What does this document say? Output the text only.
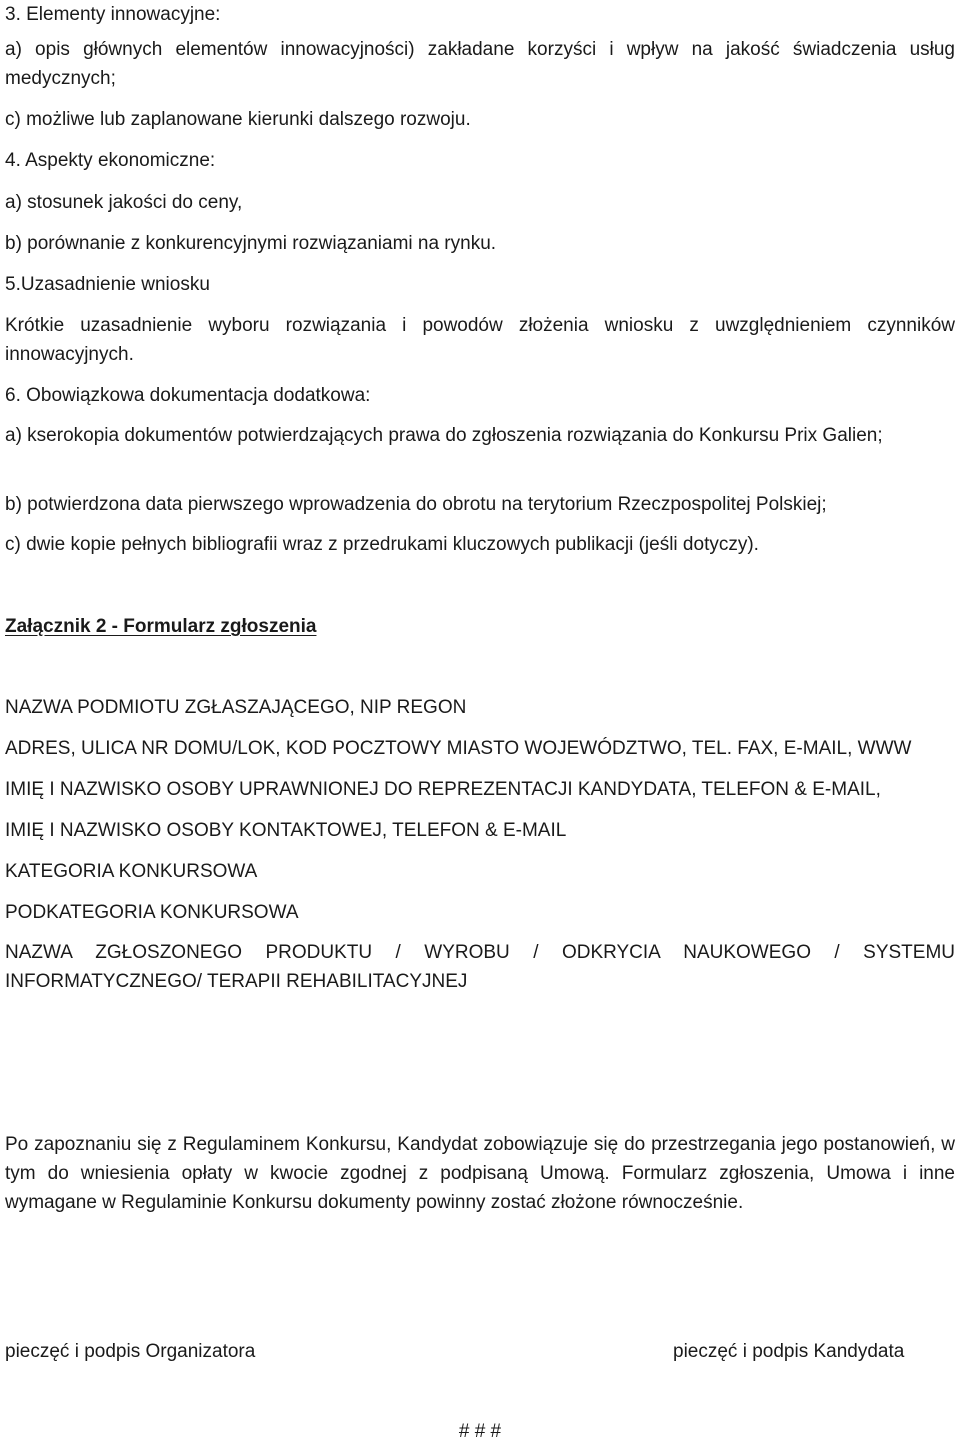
3. Elementy innowacyjne:

a) opis głównych elementów innowacyjności) zakładane korzyści i wpływ na jakość świadczenia usług medycznych;

c) możliwe lub zaplanowane kierunki dalszego rozwoju.

4. Aspekty ekonomiczne:

a) stosunek jakości do ceny,

b) porównanie z konkurencyjnymi rozwiązaniami na rynku.

5.Uzasadnienie wniosku

Krótkie uzasadnienie wyboru rozwiązania i powodów złożenia wniosku z uwzględnieniem czynników innowacyjnych.

6. Obowiązkowa dokumentacja dodatkowa:

a) kserokopia dokumentów potwierdzających prawa do zgłoszenia rozwiązania do Konkursu Prix Galien;

b) potwierdzona data pierwszego wprowadzenia do obrotu na terytorium Rzeczpospolitej Polskiej;

c) dwie kopie pełnych bibliografii wraz z przedrukami kluczowych publikacji (jeśli dotyczy).

Załącznik 2 - Formularz zgłoszenia

NAZWA PODMIOTU ZGŁASZAJĄCEGO, NIP REGON

ADRES, ULICA NR DOMU/LOK, KOD POCZTOWY MIASTO WOJEWÓDZTWO, TEL. FAX, E-MAIL, WWW

IMIĘ I NAZWISKO OSOBY UPRAWNIONEJ DO REPREZENTACJI KANDYDATA, TELEFON & E-MAIL,

IMIĘ I NAZWISKO OSOBY KONTAKTOWEJ, TELEFON & E-MAIL

KATEGORIA KONKURSOWA

PODKATEGORIA KONKURSOWA

NAZWA ZGŁOSZONEGO PRODUKTU / WYROBU / ODKRYCIA NAUKOWEGO / SYSTEMU INFORMATYCZNEGO/ TERAPII REHABILITACYJNEJ

Po zapoznaniu się z Regulaminem Konkursu, Kandydat zobowiązuje się do przestrzegania jego postanowień, w tym do wniesienia opłaty w kwocie zgodnej z podpisaną Umową. Formularz zgłoszenia, Umowa i inne wymagane w Regulaminie Konkursu dokumenty powinny zostać złożone równocześnie.

pieczęć i podpis Organizatora	pieczęć i podpis Kandydata

# # #
